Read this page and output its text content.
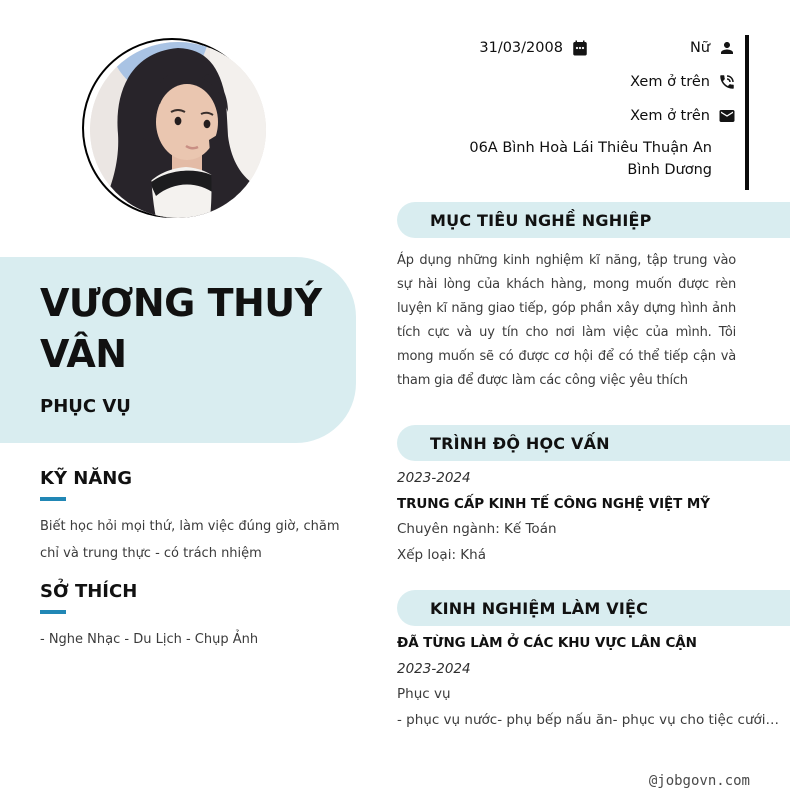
31/03/2008	Nữ
Xem ở trên
Xem ở trên
06A Bình Hoà Lái Thiêu Thuận An Bình Dương
VƯƠNG THUÝ VÂN
PHỤC VỤ
KỸ NĂNG
Biết học hỏi mọi thứ, làm việc đúng giờ, chăm chỉ và trung thực - có trách nhiệm
SỞ THÍCH
- Nghe Nhạc - Du Lịch - Chụp Ảnh
MỤC TIÊU NGHỀ NGHIỆP
Áp dụng những kinh nghiệm kĩ năng, tập trung vào sự hài lòng của khách hàng, mong muốn được rèn luyện kĩ năng giao tiếp, góp phần xây dựng hình ảnh tích cực và uy tín cho nơi làm việc của mình. Tôi mong muốn sẽ có được cơ hội để có thể tiếp cận và tham gia để được làm các công việc yêu thích
TRÌNH ĐỘ HỌC VẤN
2023-2024
TRUNG CẤP KINH TẾ CÔNG NGHỆ VIỆT MỸ
Chuyên ngành: Kế Toán
Xếp loại: Khá
KINH NGHIỆM LÀM VIỆC
ĐÃ TỪNG LÀM Ở CÁC KHU VỰC LÂN CẬN
2023-2024
Phục vụ
- phục vụ nước- phụ bếp nấu ăn- phục vụ cho tiệc cưới…
@jobgovn.com
